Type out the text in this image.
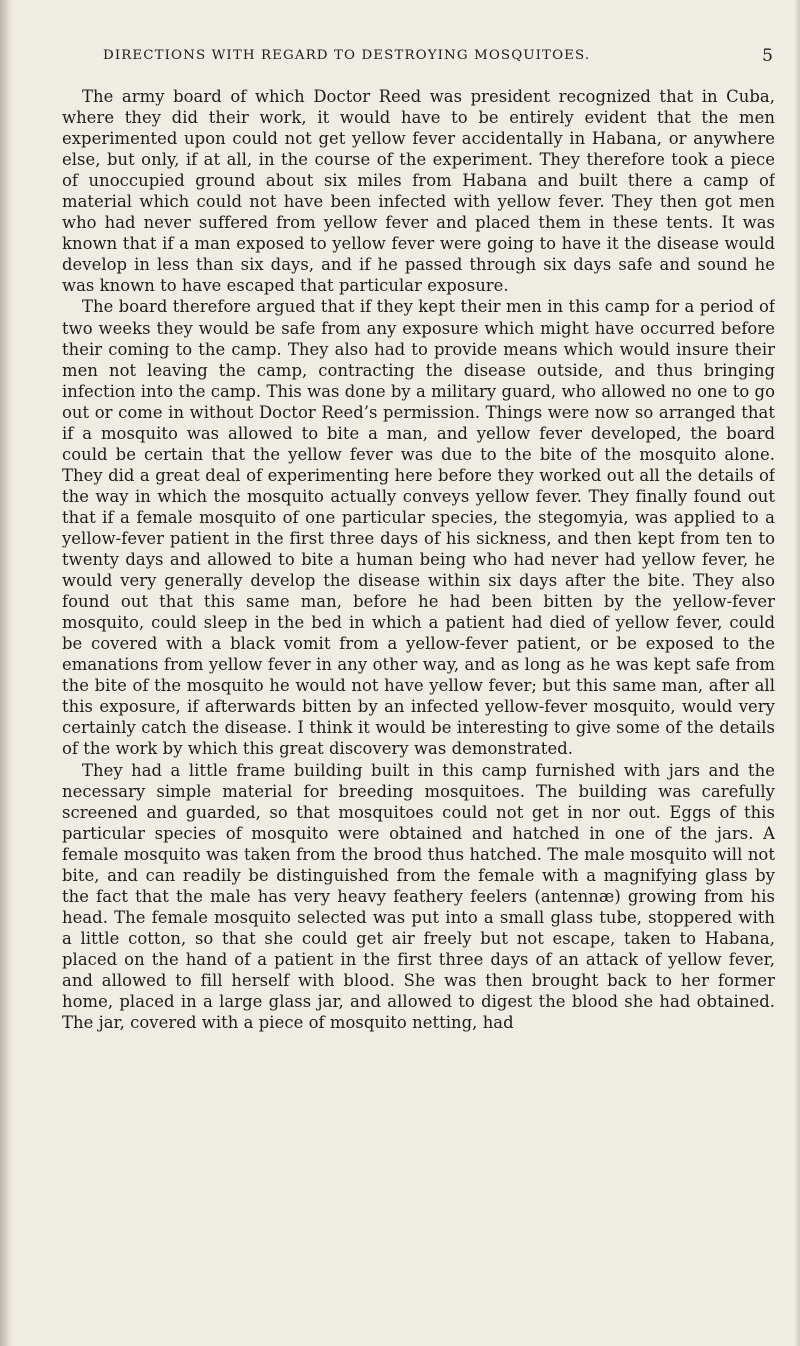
DIRECTIONS WITH REGARD TO DESTROYING MOSQUITOES.	5

The army board of which Doctor Reed was president recognized that in Cuba, where they did their work, it would have to be entirely evident that the men experimented upon could not get yellow fever accidentally in Habana, or anywhere else, but only, if at all, in the course of the experiment. They therefore took a piece of unoccupied ground about six miles from Habana and built there a camp of material which could not have been infected with yellow fever. They then got men who had never suffered from yellow fever and placed them in these tents. It was known that if a man exposed to yellow fever were going to have it the disease would develop in less than six days, and if he passed through six days safe and sound he was known to have escaped that particular exposure.

The board therefore argued that if they kept their men in this camp for a period of two weeks they would be safe from any exposure which might have occurred before their coming to the camp. They also had to provide means which would insure their men not leaving the camp, contracting the disease outside, and thus bringing infection into the camp. This was done by a military guard, who allowed no one to go out or come in without Doctor Reed’s permission. Things were now so arranged that if a mosquito was allowed to bite a man, and yellow fever developed, the board could be certain that the yellow fever was due to the bite of the mosquito alone. They did a great deal of experimenting here before they worked out all the details of the way in which the mosquito actually conveys yellow fever. They finally found out that if a female mosquito of one particular species, the stegomyia, was applied to a yellow-fever patient in the first three days of his sickness, and then kept from ten to twenty days and allowed to bite a human being who had never had yellow fever, he would very generally develop the disease within six days after the bite. They also found out that this same man, before he had been bitten by the yellow-fever mosquito, could sleep in the bed in which a patient had died of yellow fever, could be covered with a black vomit from a yellow-fever patient, or be exposed to the emanations from yellow fever in any other way, and as long as he was kept safe from the bite of the mosquito he would not have yellow fever; but this same man, after all this exposure, if afterwards bitten by an infected yellow-fever mosquito, would very certainly catch the disease. I think it would be interesting to give some of the details of the work by which this great discovery was demonstrated.

They had a little frame building built in this camp furnished with jars and the necessary simple material for breeding mosquitoes. The building was carefully screened and guarded, so that mosquitoes could not get in nor out. Eggs of this particular species of mosquito were obtained and hatched in one of the jars. A female mosquito was taken from the brood thus hatched. The male mosquito will not bite, and can readily be distinguished from the female with a magnifying glass by the fact that the male has very heavy feathery feelers (antennæ) growing from his head. The female mosquito selected was put into a small glass tube, stoppered with a little cotton, so that she could get air freely but not escape, taken to Habana, placed on the hand of a patient in the first three days of an attack of yellow fever, and allowed to fill herself with blood. She was then brought back to her former home, placed in a large glass jar, and allowed to digest the blood she had obtained. The jar, covered with a piece of mosquito netting, had
